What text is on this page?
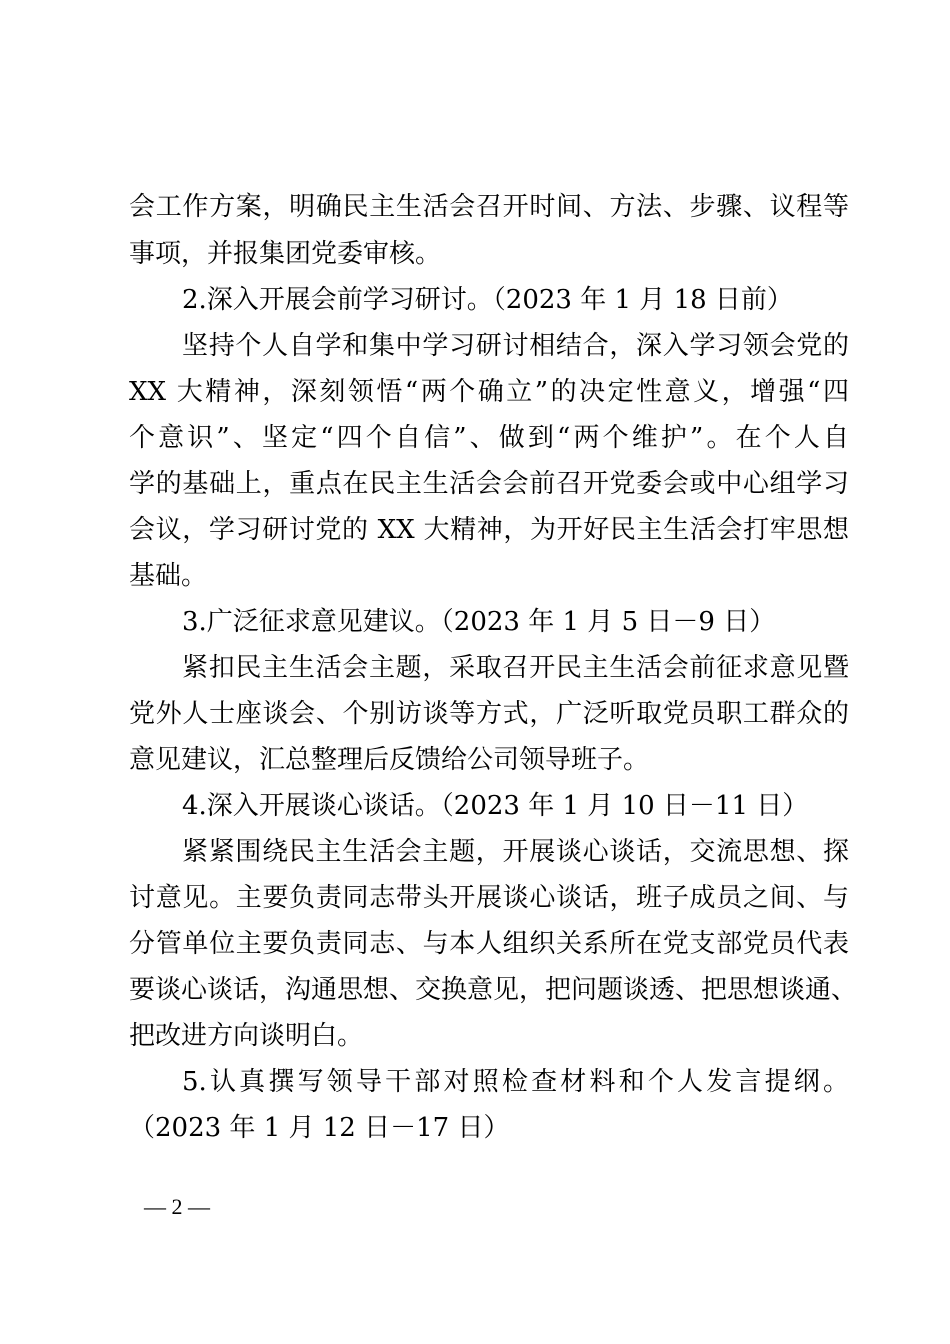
会工作方案，明确民主生活会召开时间、方法、步骤、议程等
事项，并报集团党委审核。
2.深入开展会前学习研讨。（2023 年 1 月 18 日前）
坚持个人自学和集中学习研讨相结合，深入学习领会党的
XX 大精神，深刻领悟“两个确立”的决定性意义，增强“四
个意识”、坚定“四个自信”、做到“两个维护”。在个人自
学的基础上，重点在民主生活会会前召开党委会或中心组学习
会议，学习研讨党的 XX 大精神，为开好民主生活会打牢思想
基础。
3.广泛征求意见建议。（2023 年 1 月 5 日－9 日）
紧扣民主生活会主题，采取召开民主生活会前征求意见暨
党外人士座谈会、个别访谈等方式，广泛听取党员职工群众的
意见建议，汇总整理后反馈给公司领导班子。
4.深入开展谈心谈话。（2023 年 1 月 10 日－11 日）
紧紧围绕民主生活会主题，开展谈心谈话，交流思想、探
讨意见。主要负责同志带头开展谈心谈话，班子成员之间、与
分管单位主要负责同志、与本人组织关系所在党支部党员代表
要谈心谈话，沟通思想、交换意见，把问题谈透、把思想谈通、
把改进方向谈明白。
5.认真撰写领导干部对照检查材料和个人发言提纲。
（2023 年 1 月 12 日－17 日）
— 2 —
